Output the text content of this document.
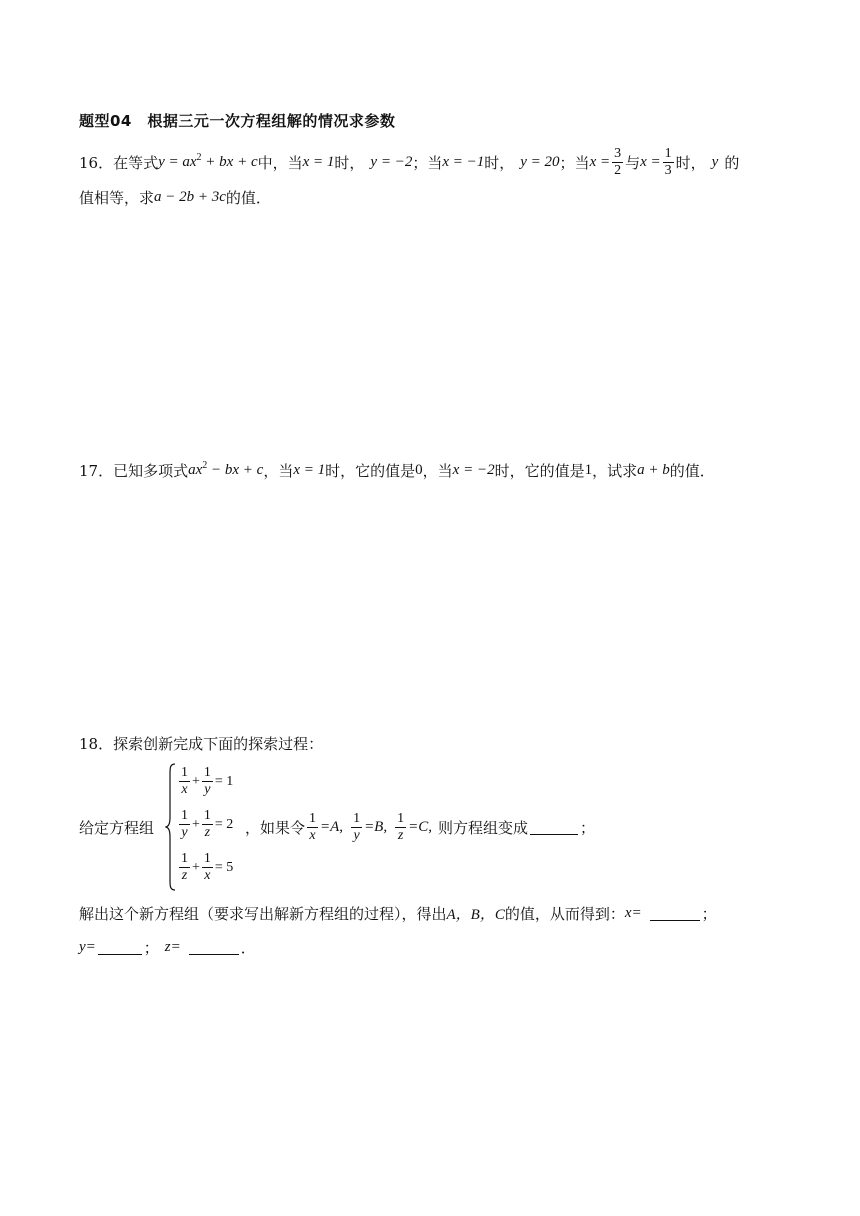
题型04　根据三元一次方程组解的情况求参数
16． 在等式 $y = ax^2$ + bx + c 中，当 x = 1 时， y = −2 ；当 x = −1 时， y = 20 ；当 $x = \frac{3}{2}$ 与 $x = \frac{1}{3}$ 时， y 的
值相等，求 a − 2b + 3c 的值．
17． 已知多项式 $ax^2$ − bx + c ，当 x = 1 时，它的值是 0 ，当 x = −2 时，它的值是 1 ，试求 a + b 的值．
18． 探索创新完成下面的探索过程：
给定方程组
$\frac{1}{x} + \frac{1}{y} = 1$
$\frac{1}{y} + \frac{1}{z} = 2$
$\frac{1}{z} + \frac{1}{x} = 5$
，如果令 $\frac{1}{x} =A$, $\frac{1}{y} =B$, $\frac{1}{z} =C$, 则方程组变成	；
解出这个新方程组（要求写出解新方程组的过程），得出 A，B，C 的值，从而得到： x=	；
y=	； z=	．
